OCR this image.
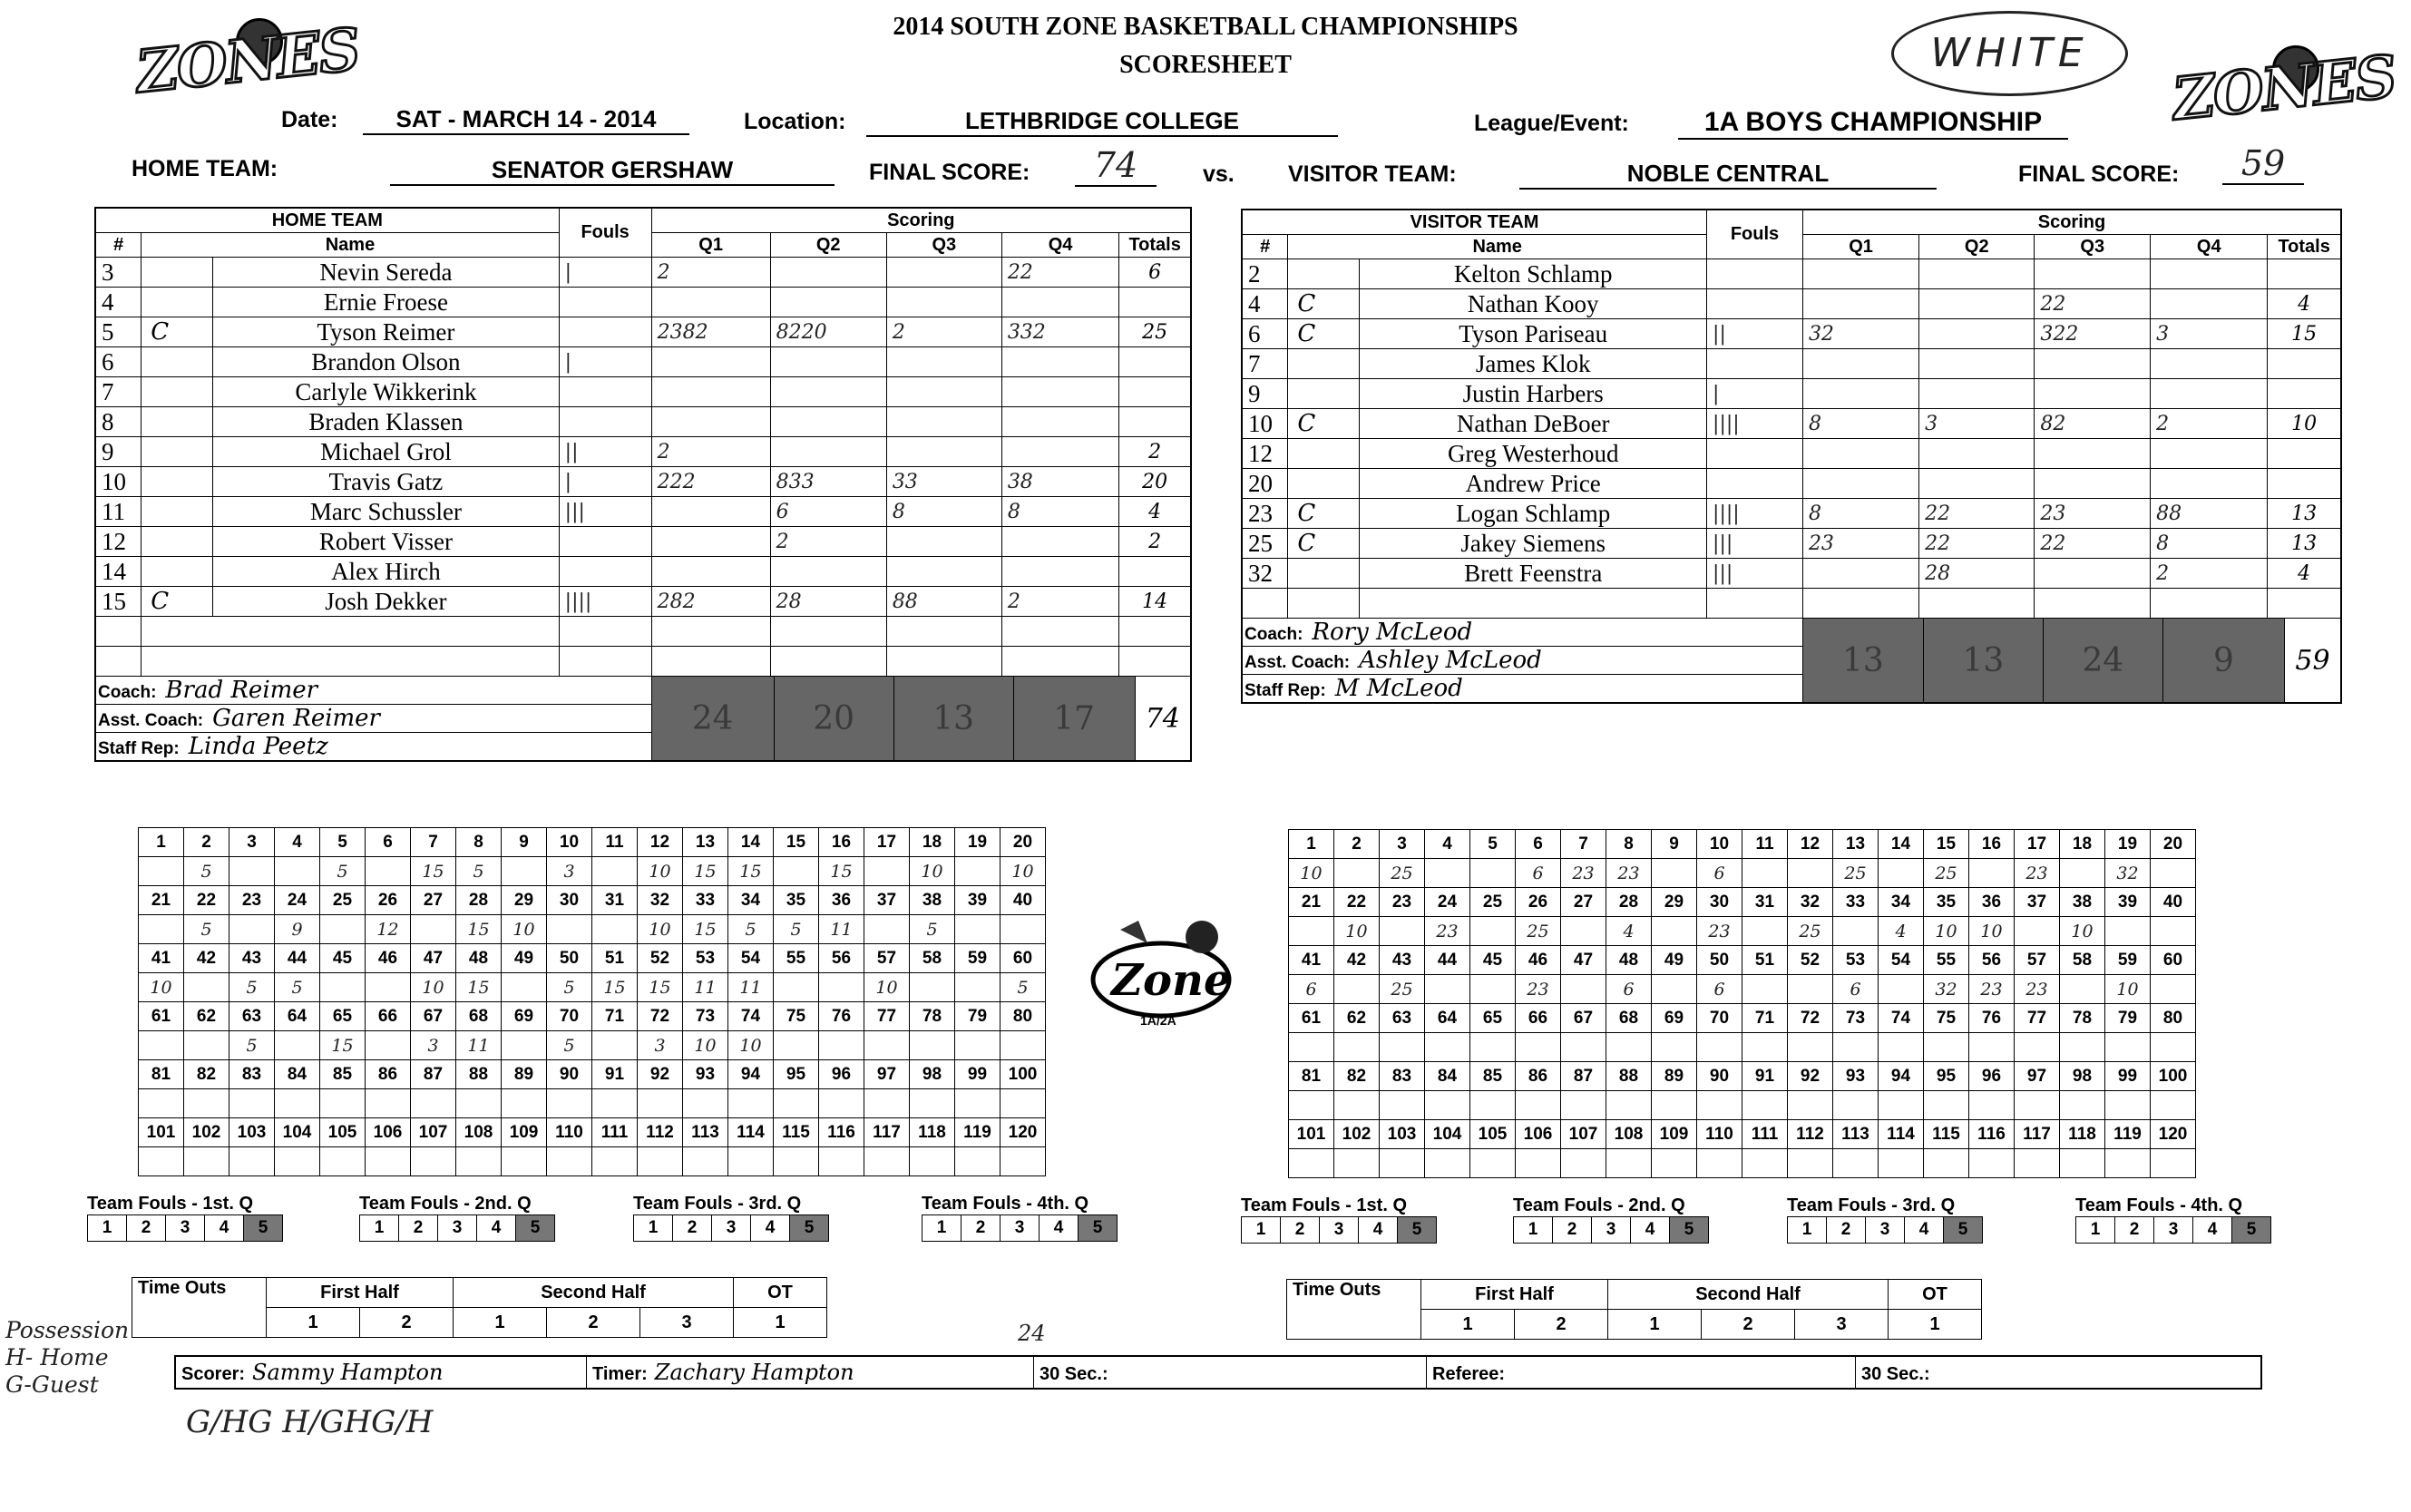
ZONES	ZONES
2014 SOUTH ZONE BASKETBALL CHAMPIONSHIPS
SCORESHEET	WHITE
Date:	SAT - MARCH 14 - 2014	Location:	LETHBRIDGE COLLEGE	League/Event:	1A BOYS CHAMPIONSHIP
HOME TEAM:	SENATOR GERSHAW	FINAL SCORE:	74	vs. VISITOR TEAM:	NOBLE CENTRAL	FINAL SCORE:	59
HOME TEAM	Fouls	Scoring
#	Name	Q1	Q2	Q3	Q4	Totals
3		Nevin Sereda	|	2			22	6
4		Ernie Froese						
5	C	Tyson Reimer		2382	8220	2	332	25
6		Brandon Olson	|					
7		Carlyle Wikkerink						
8		Braden Klassen						
9		Michael Grol	||	2				2
10		Travis Gatz	|	222	833	33	38	20
11		Marc Schussler	|||		6	8	8	4
12		Robert Visser			2			2
14		Alex Hirch						
15	C	Josh Dekker	||||	282	28	88	2	14

Coach: Brad Reimer	
24	20	13	17	74

Asst. Coach: Garen Reimer
Staff Rep: Linda Peetz
VISITOR TEAM	Fouls	Scoring
#	Name	Q1	Q2	Q3	Q4	Totals
2		Kelton Schlamp						
4	C	Nathan Kooy				22		4
6	C	Tyson Pariseau	||	32		322	3	15
7		James Klok						
9		Justin Harbers	|					
10	C	Nathan DeBoer	||||	8	3	82	2	10
12		Greg Westerhoud						
20		Andrew Price						
23	C	Logan Schlamp	||||	8	22	23	88	13
25	C	Jakey Siemens	|||	23	22	22	8	13
32		Brett Feenstra	|||		28		2	4

Coach: Rory McLeod	
13	13	24	9	59

Asst. Coach: Ashley McLeod
Staff Rep: M McLeod
1	2	3	4	5	6	7	8	9	10	11	12	13	14	15	16	17	18	19	20
	5			5		15	5		3		10	15	15		15		10		10
21	22	23	24	25	26	27	28	29	30	31	32	33	34	35	36	37	38	39	40
	5		9		12		15	10			10	15	5	5	11		5		
41	42	43	44	45	46	47	48	49	50	51	52	53	54	55	56	57	58	59	60
10		5	5			10	15		5	15	15	11	11			10			5
61	62	63	64	65	66	67	68	69	70	71	72	73	74	75	76	77	78	79	80
		5		15		3	11		5		3	10	10						
81	82	83	84	85	86	87	88	89	90	91	92	93	94	95	96	97	98	99	100

101	102	103	104	105	106	107	108	109	110	111	112	113	114	115	116	117	118	119	120

1	2	3	4	5	6	7	8	9	10	11	12	13	14	15	16	17	18	19	20
10		25			6	23	23		6			25		25		23		32	
21	22	23	24	25	26	27	28	29	30	31	32	33	34	35	36	37	38	39	40
	10		23		25		4		23		25		4	10	10		10		
41	42	43	44	45	46	47	48	49	50	51	52	53	54	55	56	57	58	59	60
6		25			23		6		6			6		32	23	23		10	
61	62	63	64	65	66	67	68	69	70	71	72	73	74	75	76	77	78	79	80

81	82	83	84	85	86	87	88	89	90	91	92	93	94	95	96	97	98	99	100

101	102	103	104	105	106	107	108	109	110	111	112	113	114	115	116	117	118	119	120

Zone
1A/2A
Team Fouls - 1st. Q
1	2	3	4	5
Team Fouls - 2nd. Q
1	2	3	4	5
Team Fouls - 3rd. Q
1	2	3	4	5
Team Fouls - 4th. Q
1	2	3	4	5
Team Fouls - 1st. Q
1	2	3	4	5
Team Fouls - 2nd. Q
1	2	3	4	5
Team Fouls - 3rd. Q
1	2	3	4	5
Team Fouls - 4th. Q
1	2	3	4	5
Time Outs	First Half		Second Half			OT
	1	2	1	2	3	1
Time Outs	First Half		Second Half			OT
	1	2	1	2	3	1
24
Scorer: Sammy Hampton	Timer: Zachary Hampton	30 Sec.:	Referee:	30 Sec.:
Possession
H- Home
G-Guest
G/HG H/GHG/H
